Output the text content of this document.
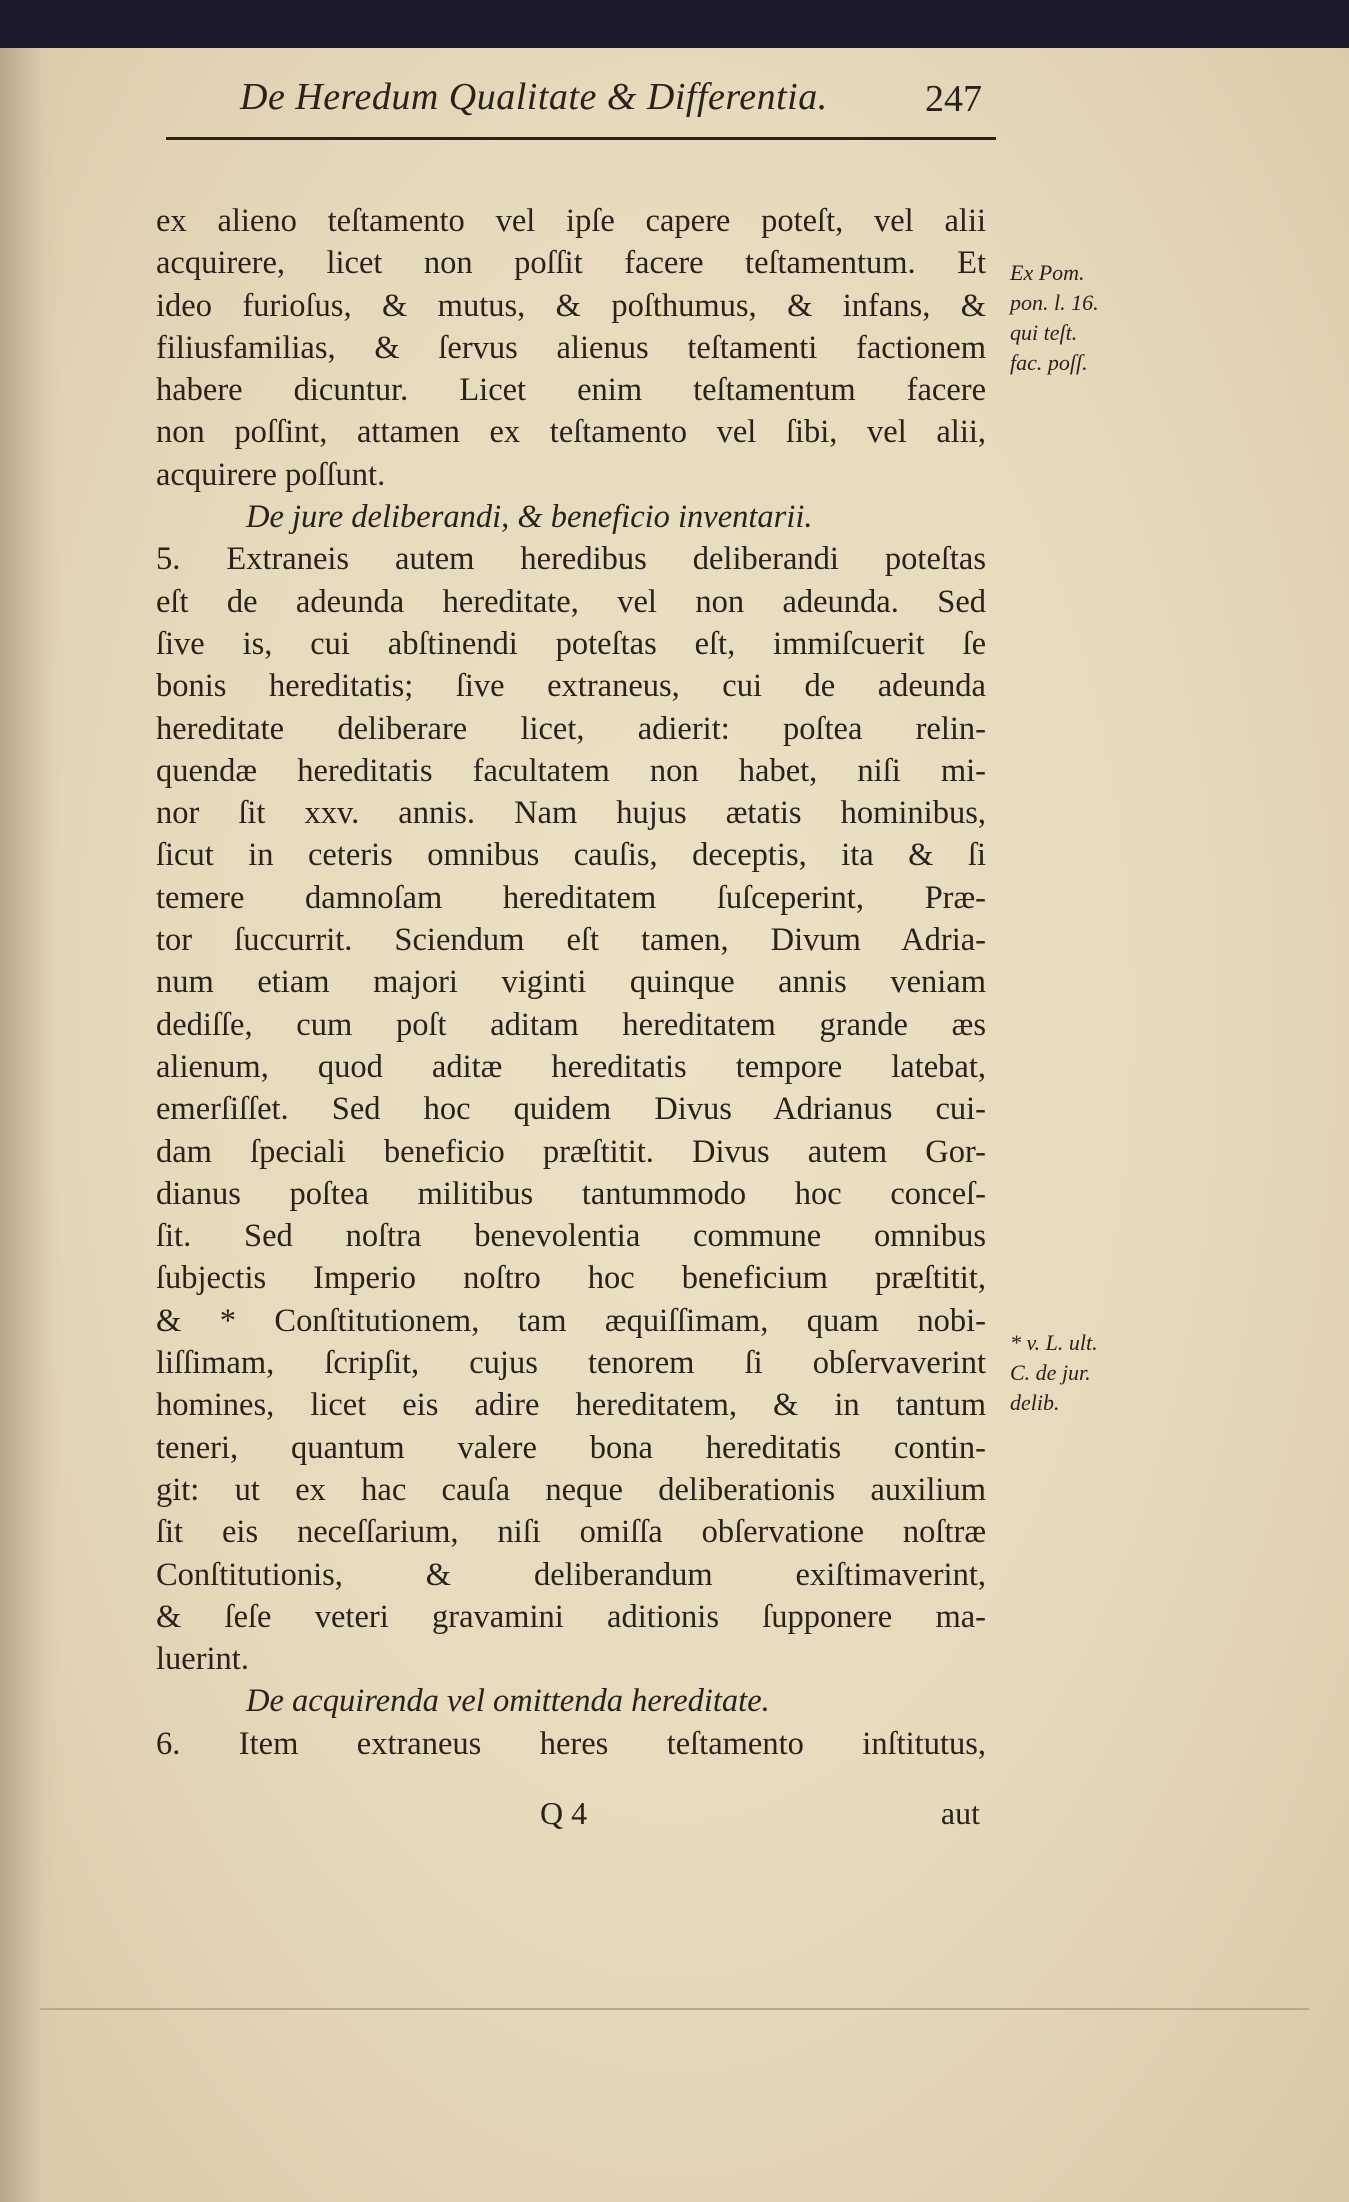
De Heredum Qualitate & Differentia.	247
ex alieno teſtamento vel ipſe capere poteſt, vel alii
acquirere, licet non poſſit facere teſtamentum. Et
ideo furioſus, & mutus, & poſthumus, & infans, &
filiusfamilias, & ſervus alienus teſtamenti factionem
habere dicuntur. Licet enim teſtamentum facere
non poſſint, attamen ex teſtamento vel ſibi, vel alii,
acquirere poſſunt.
De jure deliberandi, & beneficio inventarii.
5. Extraneis autem heredibus deliberandi poteſtas
eſt de adeunda hereditate, vel non adeunda. Sed
ſive is, cui abſtinendi poteſtas eſt, immiſcuerit ſe
bonis hereditatis; ſive extraneus, cui de adeunda
hereditate deliberare licet, adierit: poſtea relin-
quendæ hereditatis facultatem non habet, niſi mi-
nor ſit xxv. annis. Nam hujus ætatis hominibus,
ſicut in ceteris omnibus cauſis, deceptis, ita & ſi
temere damnoſam hereditatem ſuſceperint, Præ-
tor ſuccurrit. Sciendum eſt tamen, Divum Adria-
num etiam majori viginti quinque annis veniam
dediſſe, cum poſt aditam hereditatem grande æs
alienum, quod aditæ hereditatis tempore latebat,
emerſiſſet. Sed hoc quidem Divus Adrianus cui-
dam ſpeciali beneficio præſtitit. Divus autem Gor-
dianus poſtea militibus tantummodo hoc conceſ-
ſit. Sed noſtra benevolentia commune omnibus
ſubjectis Imperio noſtro hoc beneficium præſtitit,
& * Conſtitutionem, tam æquiſſimam, quam nobi-
liſſimam, ſcripſit, cujus tenorem ſi obſervaverint
homines, licet eis adire hereditatem, & in tantum
teneri, quantum valere bona hereditatis contin-
git: ut ex hac cauſa neque deliberationis auxilium
ſit eis neceſſarium, niſi omiſſa obſervatione noſtræ
Conſtitutionis, & deliberandum exiſtimaverint,
& ſeſe veteri gravamini aditionis ſupponere ma-
luerint.
De acquirenda vel omittenda hereditate.
6. Item extraneus heres teſtamento inſtitutus,
Ex Pom.
pon. l. 16.
qui teſt.
fac. poſſ.
* v. L. ult.
C. de jur.
delib.
Q 4	aut
